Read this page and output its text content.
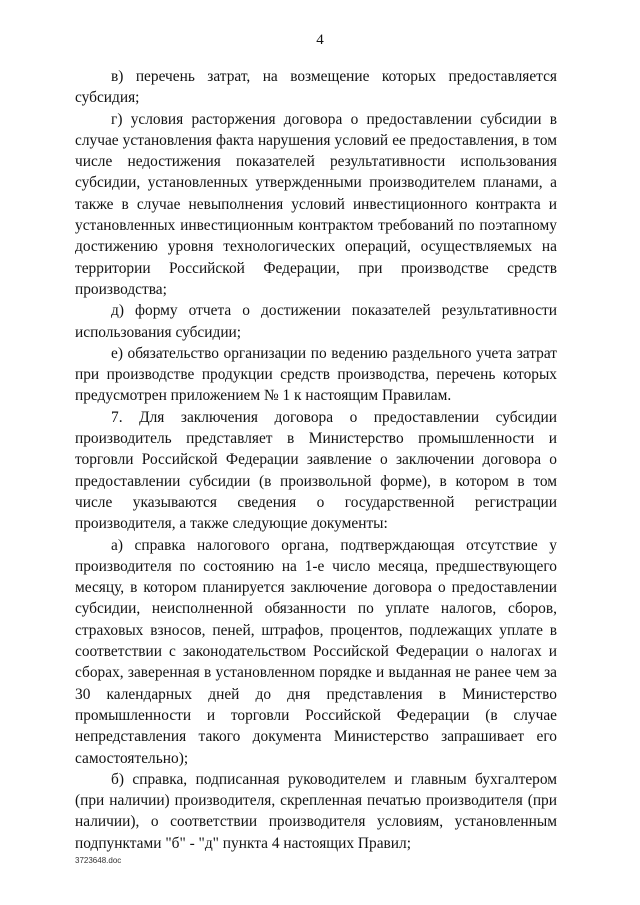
4

в) перечень затрат, на возмещение которых предоставляется субсидия;

г) условия расторжения договора о предоставлении субсидии в случае установления факта нарушения условий ее предоставления, в том числе недостижения показателей результативности использования субсидии, установленных утвержденными производителем планами, а также в случае невыполнения условий инвестиционного контракта и установленных инвестиционным контрактом требований по поэтапному достижению уровня технологических операций, осуществляемых на территории Российской Федерации, при производстве средств производства;

д) форму отчета о достижении показателей результативности использования субсидии;

е) обязательство организации по ведению раздельного учета затрат при производстве продукции средств производства, перечень которых предусмотрен приложением № 1 к настоящим Правилам.

7. Для заключения договора о предоставлении субсидии производитель представляет в Министерство промышленности и торговли Российской Федерации заявление о заключении договора о предоставлении субсидии (в произвольной форме), в котором в том числе указываются сведения о государственной регистрации производителя, а также следующие документы:

а) справка налогового органа, подтверждающая отсутствие у производителя по состоянию на 1-е число месяца, предшествующего месяцу, в котором планируется заключение договора о предоставлении субсидии, неисполненной обязанности по уплате налогов, сборов, страховых взносов, пеней, штрафов, процентов, подлежащих уплате в соответствии с законодательством Российской Федерации о налогах и сборах, заверенная в установленном порядке и выданная не ранее чем за 30 календарных дней до дня представления в Министерство промышленности и торговли Российской Федерации (в случае непредставления такого документа Министерство запрашивает его самостоятельно);

б) справка, подписанная руководителем и главным бухгалтером (при наличии) производителя, скрепленная печатью производителя (при наличии), о соответствии производителя условиям, установленным подпунктами "б" - "д" пункта 4 настоящих Правил;

3723648.doc
